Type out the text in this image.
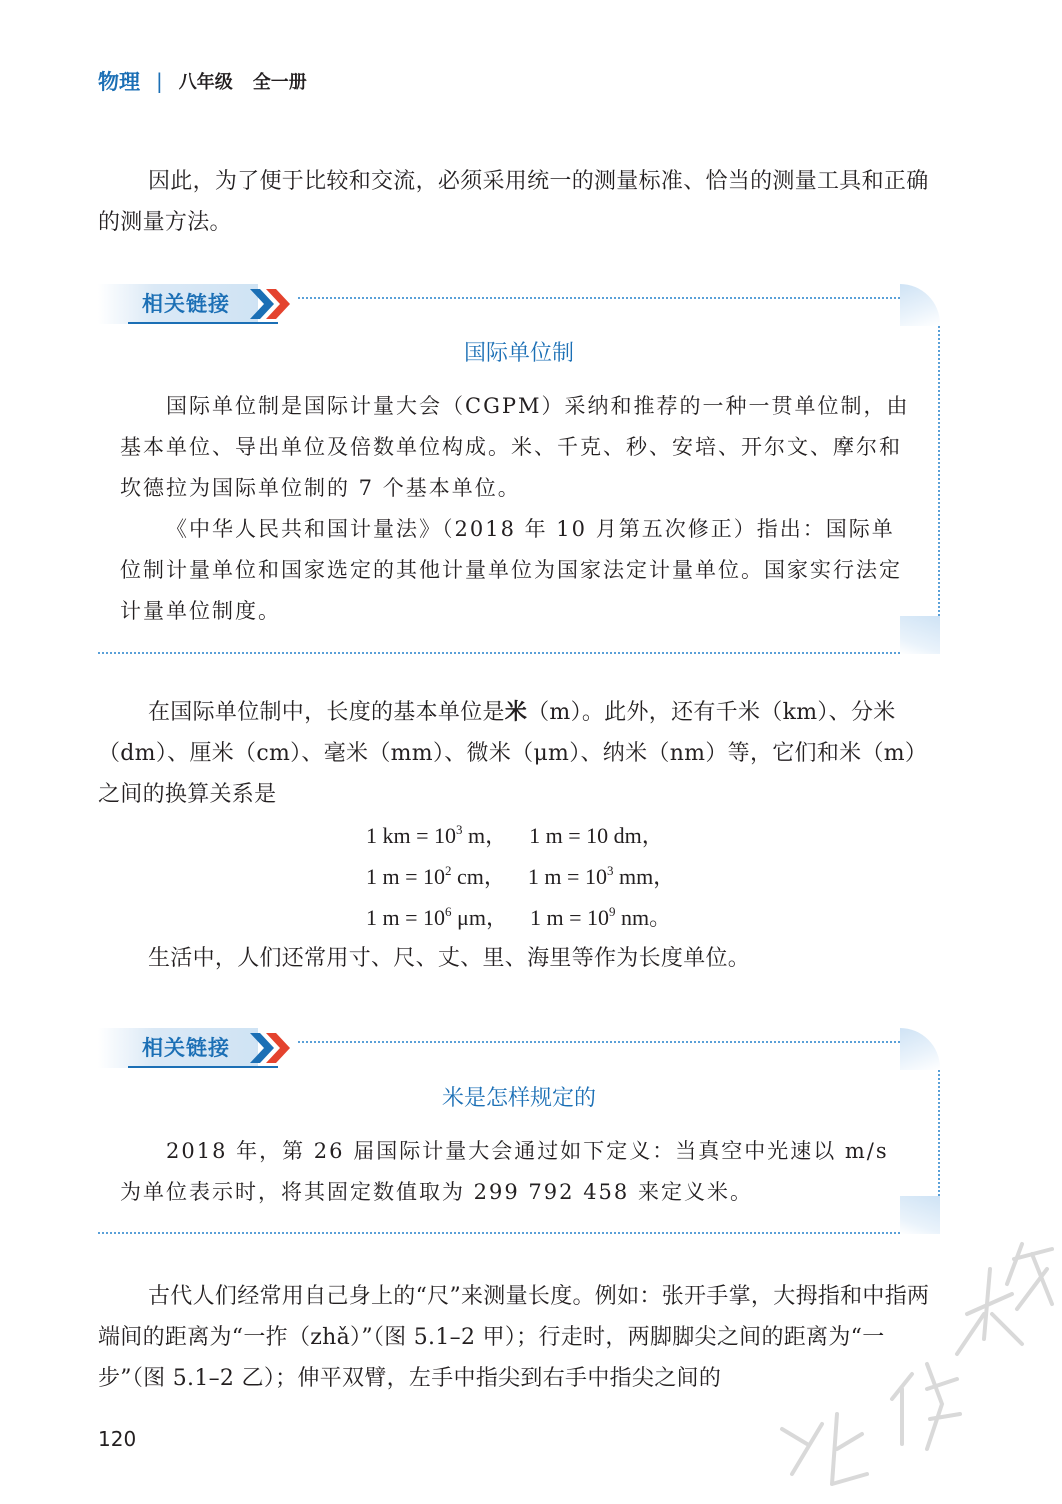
物理 | 八年级 全一册

因此，为了便于比较和交流，必须采用统一的测量标准、恰当的测量工具和正确的测量方法。

相关链接
国际单位制

国际单位制是国际计量大会（CGPM）采纳和推荐的一种一贯单位制，由基本单位、导出单位及倍数单位构成。米、千克、秒、安培、开尔文、摩尔和坎德拉为国际单位制的 7 个基本单位。

《中华人民共和国计量法》（2018 年 10 月第五次修正）指出：国际单位制计量单位和国家选定的其他计量单位为国家法定计量单位。国家实行法定计量单位制度。

在国际单位制中，长度的基本单位是米（m）。此外，还有千米（km）、分米（dm）、厘米（cm）、毫米（mm）、微米（μm）、纳米（nm）等，它们和米（m）之间的换算关系是

1 km = $10^3$ m， 1 m = 10 dm，
1 $m = 10^2$ cm， 1 $m = 10^3$ mm，
1 $m = 10^6$ μm， 1 $m = 10^9$ nm。

生活中，人们还常用寸、尺、丈、里、海里等作为长度单位。

相关链接
米是怎样规定的

2018 年，第 26 届国际计量大会通过如下定义：当真空中光速以 m/s 为单位表示时，将其固定数值取为 299 792 458 来定义米。

古代人们经常用自己身上的“尺”来测量长度。例如：张开手掌，大拇指和中指两端间的距离为“一拃（zhǎ）”（图 5.1–2 甲）；行走时，两脚脚尖之间的距离为“一步”（图 5.1–2 乙）；伸平双臂，左手中指尖到右手中指尖之间的

120
